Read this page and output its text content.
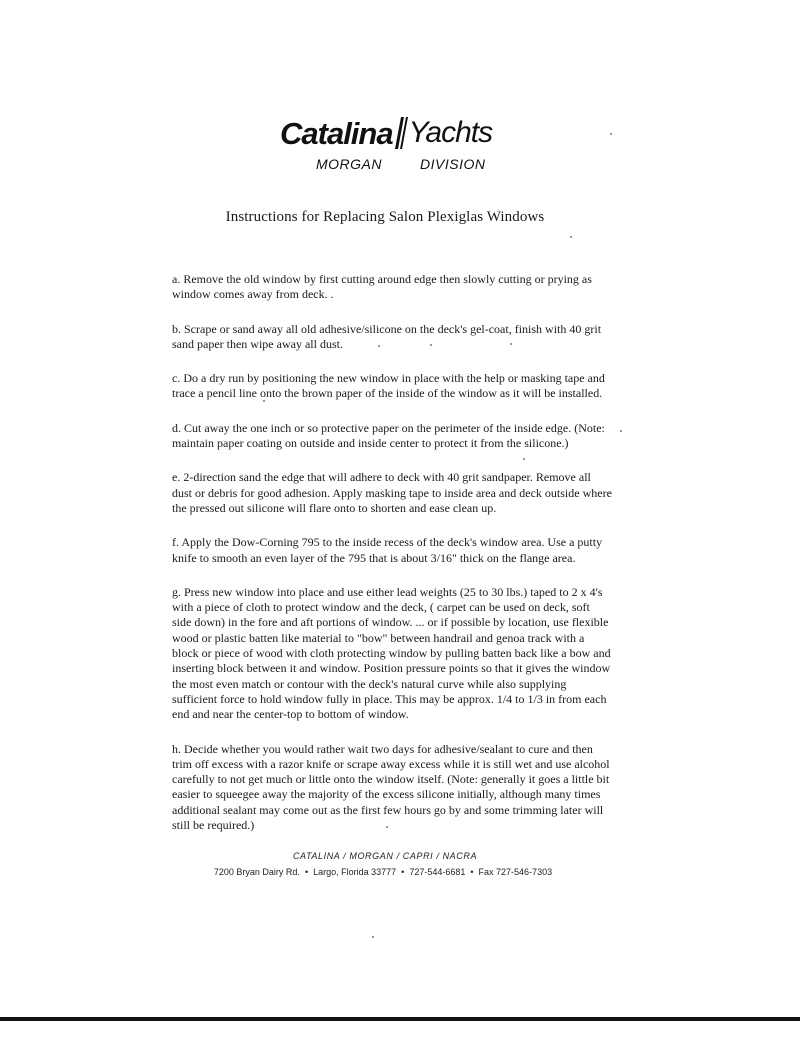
Catalina Yachts
MORGAN	DIVISION
Instructions for Replacing Salon Plexiglas Windows

a. Remove the old window by first cutting around edge then slowly cutting or prying as window comes away from deck. .

b. Scrape or sand away all old adhesive/silicone on the deck's gel-coat, finish with 40 grit sand paper then wipe away all dust.

c. Do a dry run by positioning the new window in place with the help or masking tape and trace a pencil line onto the brown paper of the inside of the window as it will be installed.

d. Cut away the one inch or so protective paper on the perimeter of the inside edge. (Note: maintain paper coating on outside and inside center to protect it from the silicone.)

e. 2-direction sand the edge that will adhere to deck with 40 grit sandpaper. Remove all dust or debris for good adhesion. Apply masking tape to inside area and deck outside where the pressed out silicone will flare onto to shorten and ease clean up.

f. Apply the Dow-Corning 795 to the inside recess of the deck's window area. Use a putty knife to smooth an even layer of the 795 that is about 3/16" thick on the flange area.

g. Press new window into place and use either lead weights (25 to 30 lbs.) taped to 2 x 4's with a piece of cloth to protect window and the deck, ( carpet can be used on deck, soft side down) in the fore and aft portions of window. ... or if possible by location, use flexible wood or plastic batten like material to "bow" between handrail and genoa track with a block or piece of wood with cloth protecting window by pulling batten back like a bow and inserting block between it and window. Position pressure points so that it gives the window the most even match or contour with the deck's natural curve while also supplying sufficient force to hold window fully in place. This may be approx. 1/4 to 1/3 in from each end and near the center-top to bottom of window.

h. Decide whether you would rather wait two days for adhesive/sealant to cure and then trim off excess with a razor knife or scrape away excess while it is still wet and use alcohol carefully to not get much or little onto the window itself. (Note: generally it goes a little bit easier to squeegee away the majority of the excess silicone initially, although many times additional sealant may come out as the first few hours go by and some trimming later will still be required.)

CATALINA / MORGAN / CAPRI / NACRA
7200 Bryan Dairy Rd. • Largo, Florida 33777 • 727-544-6681 • Fax 727-546-7303
